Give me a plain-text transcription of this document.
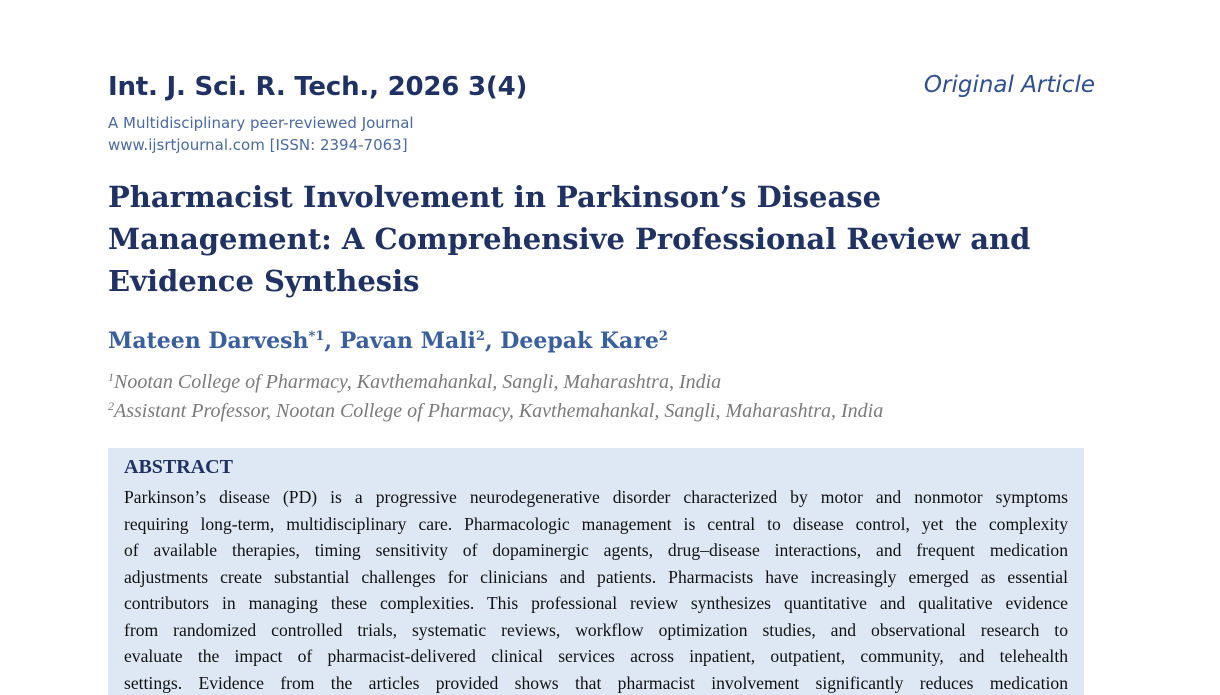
Int. J. Sci. R. Tech., 2026 3(4)

A Multidisciplinary peer-reviewed Journal

www.ijsrtjournal.com [ISSN: 2394-7063]

Original Article
Pharmacist Involvement in Parkinson’s Disease
Management: A Comprehensive Professional Review and
Evidence Synthesis

Mateen Darvesh$^{*1}$, Pavan Mali$^2$, Deepak Kare$^2$

$^1$Nootan College of Pharmacy, Kavthemahankal, Sangli, Maharashtra, India

$^2$Assistant Professor, Nootan College of Pharmacy, Kavthemahankal, Sangli, Maharashtra, India

ABSTRACT

Parkinson’s disease (PD) is a progressive neurodegenerative disorder characterized by motor and nonmotor symptoms
requiring long-term, multidisciplinary care. Pharmacologic management is central to disease control, yet the complexity
of available therapies, timing sensitivity of dopaminergic agents, drug–disease interactions, and frequent medication
adjustments create substantial challenges for clinicians and patients. Pharmacists have increasingly emerged as essential
contributors in managing these complexities. This professional review synthesizes quantitative and qualitative evidence
from randomized controlled trials, systematic reviews, workflow optimization studies, and observational research to
evaluate the impact of pharmacist-delivered clinical services across inpatient, outpatient, community, and telehealth
settings. Evidence from the articles provided shows that pharmacist involvement significantly reduces medication
